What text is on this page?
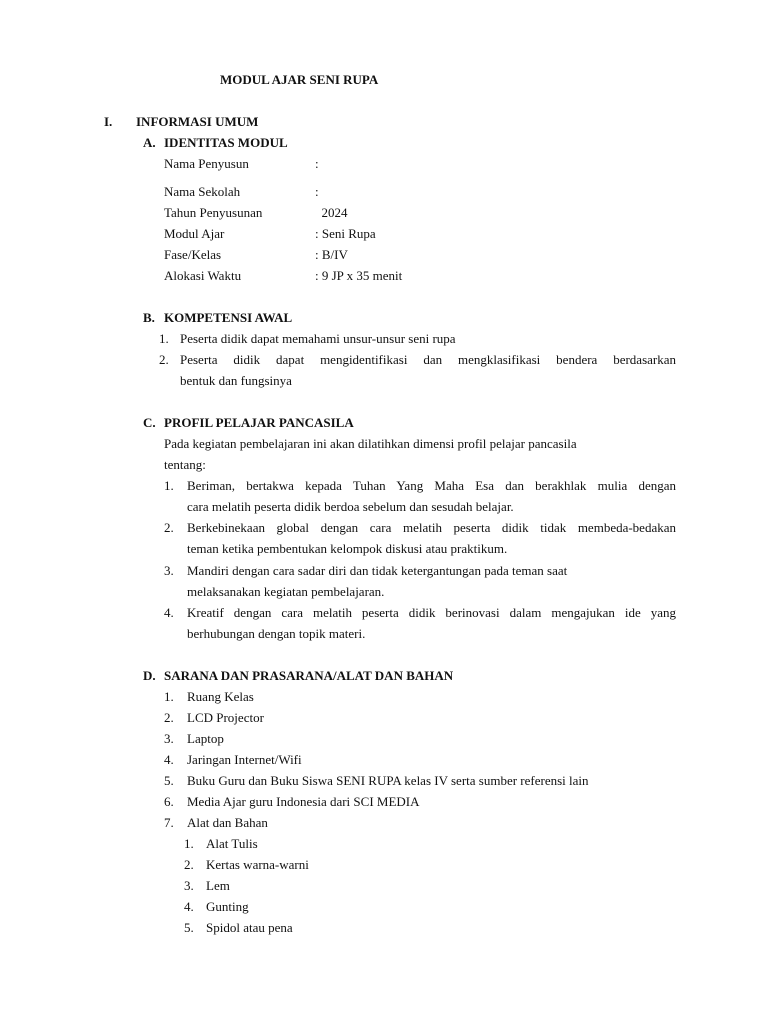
MODUL AJAR SENI RUPA
I. INFORMASI UMUM
A. IDENTITAS MODUL
Nama Penyusun	:
Nama Sekolah	:
Tahun Penyusunan	2024
Modul Ajar	: Seni Rupa
Fase/Kelas	: B/IV
Alokasi Waktu	: 9 JP x 35 menit
B. KOMPETENSI AWAL
1. Peserta didik dapat memahami unsur-unsur seni rupa
2. Peserta didik dapat mengidentifikasi dan mengklasifikasi bendera berdasarkan
bentuk dan fungsinya
C. PROFIL PELAJAR PANCASILA
Pada kegiatan pembelajaran ini akan dilatihkan dimensi profil pelajar pancasila
tentang:
1. Beriman, bertakwa kepada Tuhan Yang Maha Esa dan berakhlak mulia dengan
cara melatih peserta didik berdoa sebelum dan sesudah belajar.
2. Berkebinekaan global dengan cara melatih peserta didik tidak membeda-bedakan
teman ketika pembentukan kelompok diskusi atau praktikum.
3. Mandiri dengan cara sadar diri dan tidak ketergantungan pada teman saat
melaksanakan kegiatan pembelajaran.
4. Kreatif dengan cara melatih peserta didik berinovasi dalam mengajukan ide yang
berhubungan dengan topik materi.
D. SARANA DAN PRASARANA/ALAT DAN BAHAN
1. Ruang Kelas
2. LCD Projector
3. Laptop
4. Jaringan Internet/Wifi
5. Buku Guru dan Buku Siswa SENI RUPA kelas IV serta sumber referensi lain
6. Media Ajar guru Indonesia dari SCI MEDIA
7. Alat dan Bahan
1. Alat Tulis
2. Kertas warna-warni
3. Lem
4. Gunting
5. Spidol atau pena
